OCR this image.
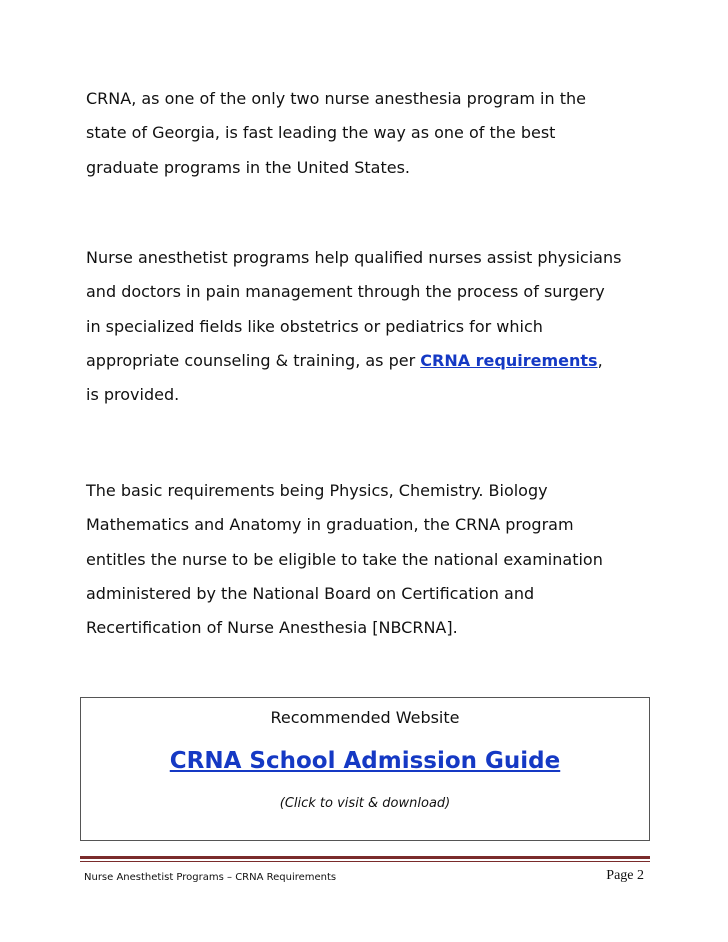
CRNA, as one of the only two nurse anesthesia program in the
state of Georgia, is fast leading the way as one of the best
graduate programs in the United States.
Nurse anesthetist programs help qualified nurses assist physicians
and doctors in pain management through the process of surgery
in specialized fields like obstetrics or pediatrics for which
appropriate counseling & training, as per CRNA requirements,
is provided.
The basic requirements being Physics, Chemistry. Biology
Mathematics and Anatomy in graduation, the CRNA program
entitles the nurse to be eligible to take the national examination
administered by the National Board on Certification and
Recertification of Nurse Anesthesia [NBCRNA].
Recommended Website
CRNA School Admission Guide
(Click to visit & download)
Nurse Anesthetist Programs – CRNA Requirements	Page 2
